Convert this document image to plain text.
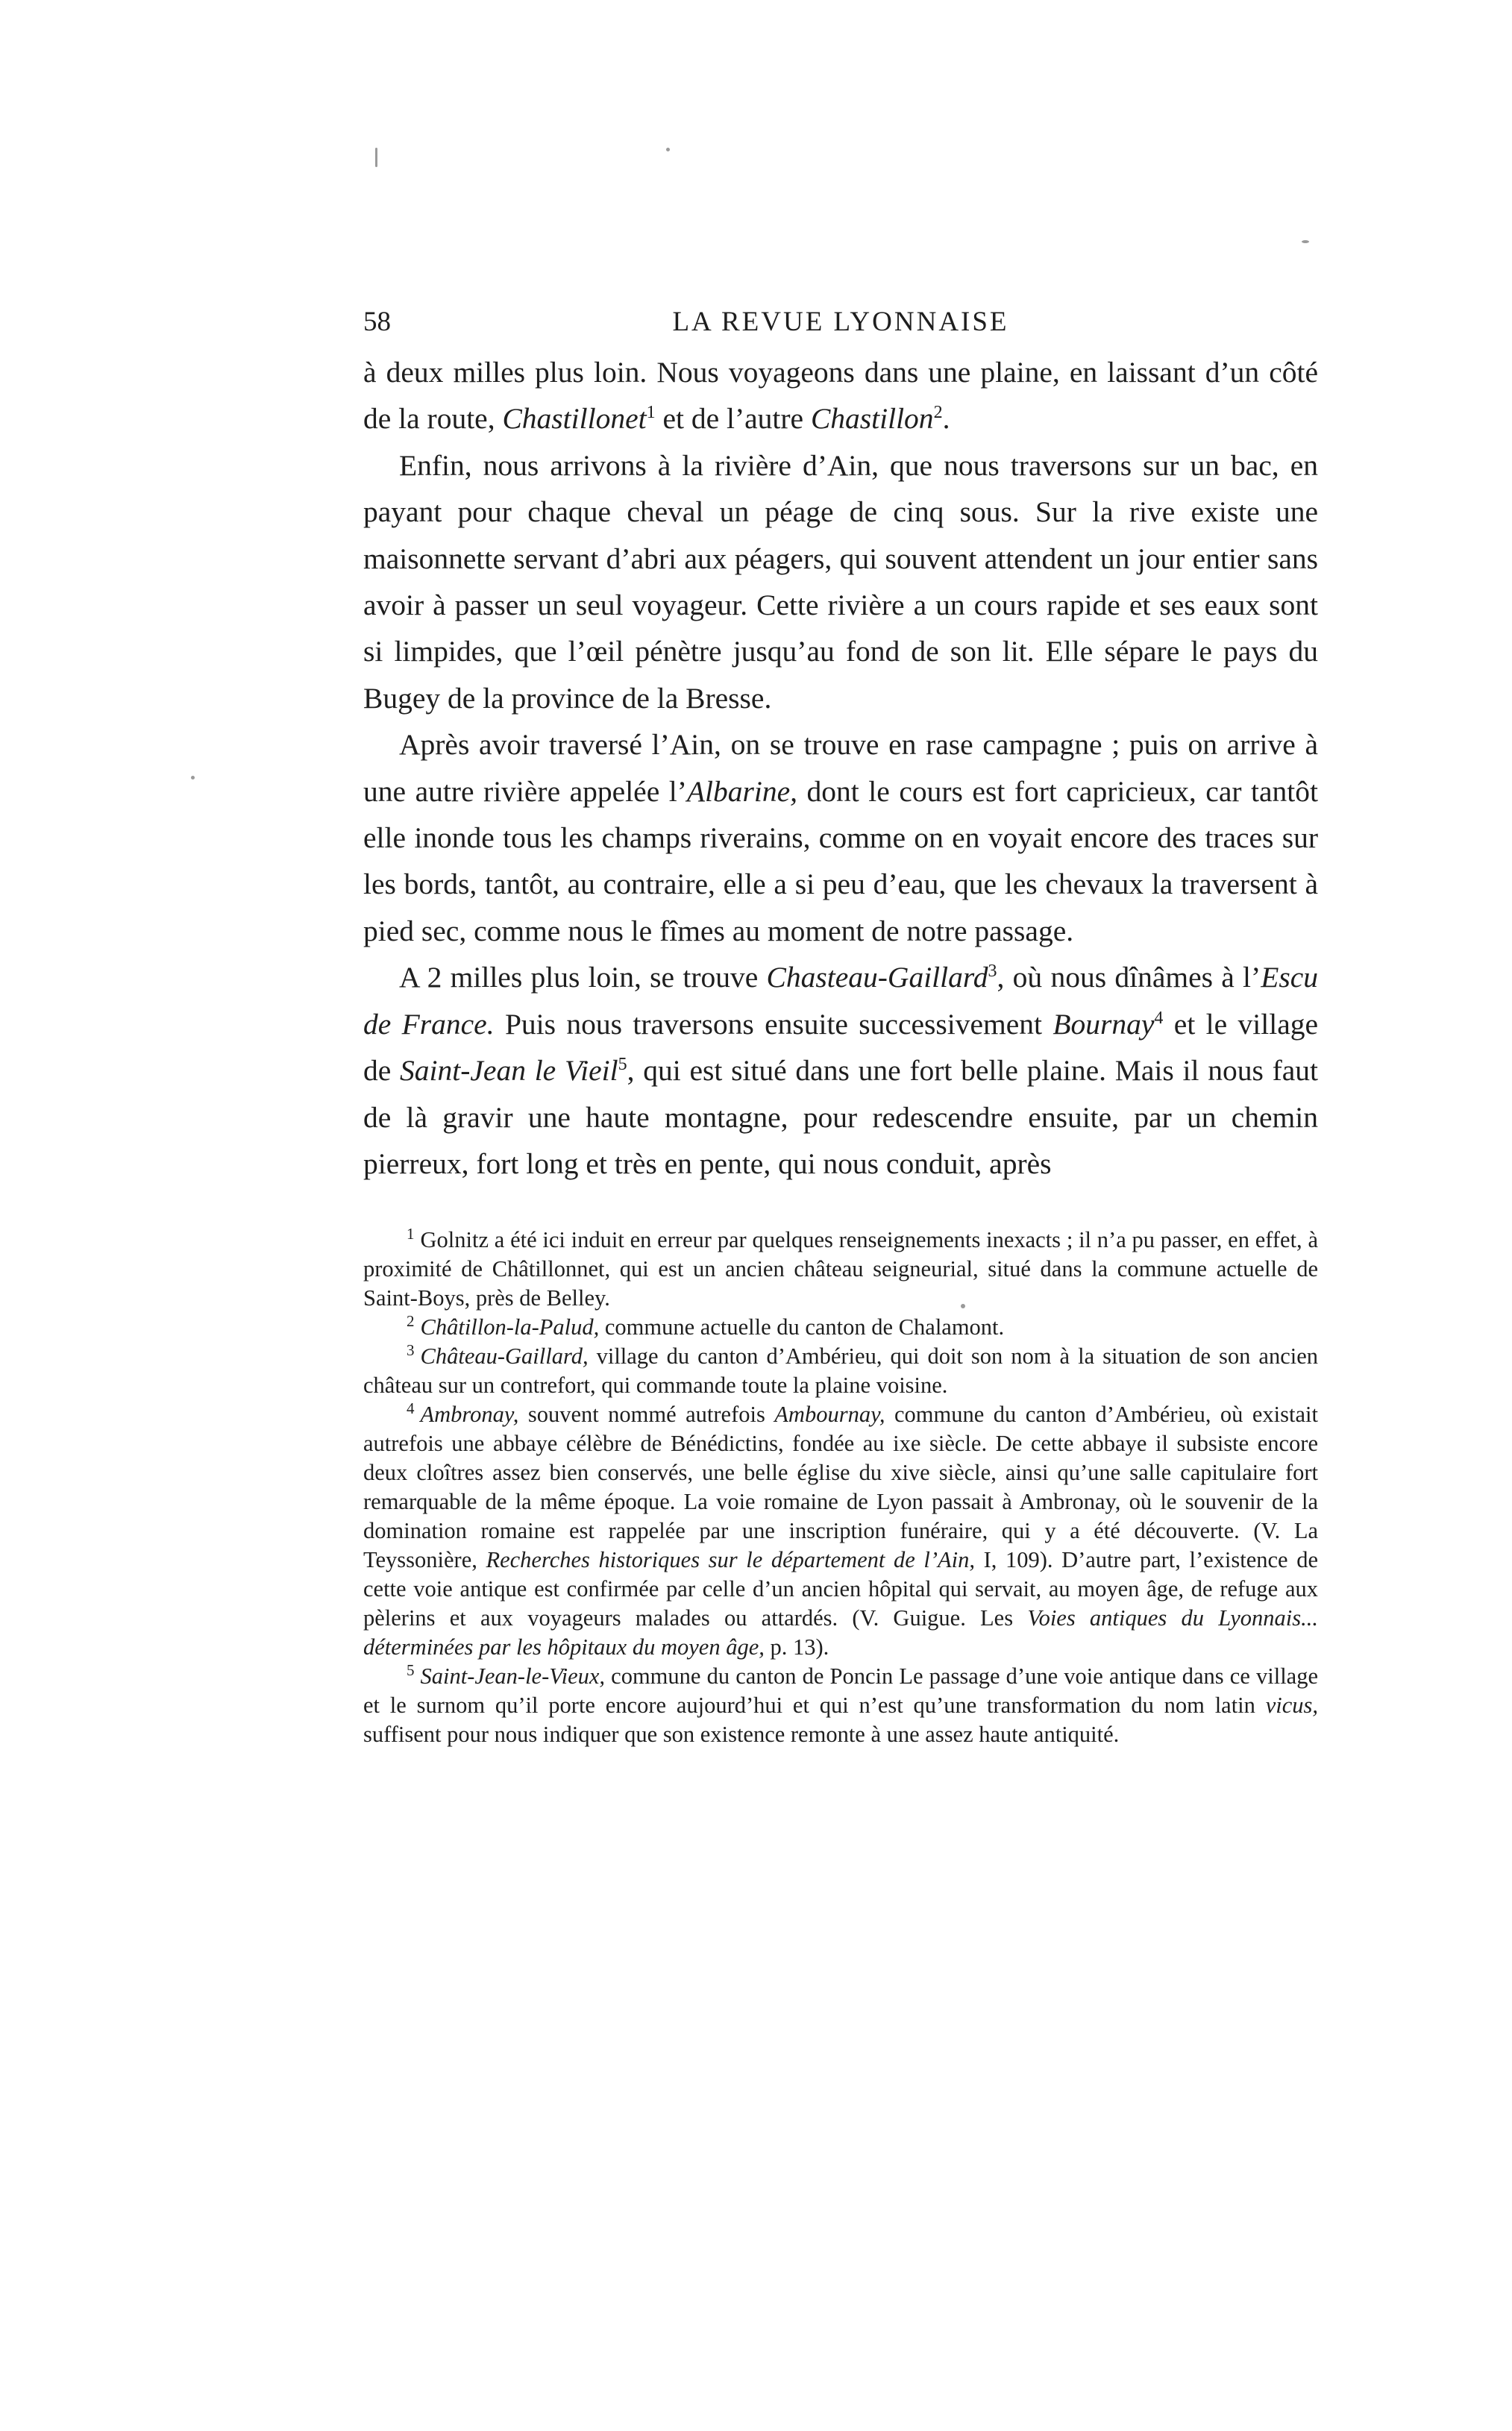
58	LA REVUE LYONNAISE

à deux milles plus loin. Nous voyageons dans une plaine, en laissant d’un côté de la route, Chastillonet$^1$ et de l’autre Chastillon$^2$.

Enfin, nous arrivons à la rivière d’Ain, que nous traversons sur un bac, en payant pour chaque cheval un péage de cinq sous. Sur la rive existe une maisonnette servant d’abri aux péagers, qui souvent attendent un jour entier sans avoir à passer un seul voyageur. Cette rivière a un cours rapide et ses eaux sont si limpides, que l’œil pénètre jusqu’au fond de son lit. Elle sépare le pays du Bugey de la province de la Bresse.

Après avoir traversé l’Ain, on se trouve en rase campagne ; puis on arrive à une autre rivière appelée l’Albarine, dont le cours est fort capricieux, car tantôt elle inonde tous les champs riverains, comme on en voyait encore des traces sur les bords, tantôt, au contraire, elle a si peu d’eau, que les chevaux la traversent à pied sec, comme nous le fîmes au moment de notre passage.

A 2 milles plus loin, se trouve Chasteau-Gaillard$^3$, où nous dînâmes à l’Escu de France. Puis nous traversons ensuite successivement Bournay$^4$ et le village de Saint-Jean le Vieil$^5$, qui est situé dans une fort belle plaine. Mais il nous faut de là gravir une haute montagne, pour redescendre ensuite, par un chemin pierreux, fort long et très en pente, qui nous conduit, après

$^1$ Golnitz a été ici induit en erreur par quelques renseignements inexacts ; il n’a pu passer, en effet, à proximité de Châtillonnet, qui est un ancien château seigneurial, situé dans la commune actuelle de Saint-Boys, près de Belley.

$^2$ Châtillon-la-Palud, commune actuelle du canton de Chalamont.

$^3$ Château-Gaillard, village du canton d’Ambérieu, qui doit son nom à la situation de son ancien château sur un contrefort, qui commande toute la plaine voisine.

$^4$ Ambronay, souvent nommé autrefois Ambournay, commune du canton d’Ambérieu, où existait autrefois une abbaye célèbre de Bénédictins, fondée au ixe siècle. De cette abbaye il subsiste encore deux cloîtres assez bien conservés, une belle église du xive siècle, ainsi qu’une salle capitulaire fort remarquable de la même époque. La voie romaine de Lyon passait à Ambronay, où le souvenir de la domination romaine est rappelée par une inscription funéraire, qui y a été découverte. (V. La Teyssonière, Recherches historiques sur le département de l’Ain, I, 109). D’autre part, l’existence de cette voie antique est confirmée par celle d’un ancien hôpital qui servait, au moyen âge, de refuge aux pèlerins et aux voyageurs malades ou attardés. (V. Guigue. Les Voies antiques du Lyonnais... déterminées par les hôpitaux du moyen âge, p. 13).

$^5$ Saint-Jean-le-Vieux, commune du canton de Poncin Le passage d’une voie antique dans ce village et le surnom qu’il porte encore aujourd’hui et qui n’est qu’une transformation du nom latin vicus, suffisent pour nous indiquer que son existence remonte à une assez haute antiquité.
